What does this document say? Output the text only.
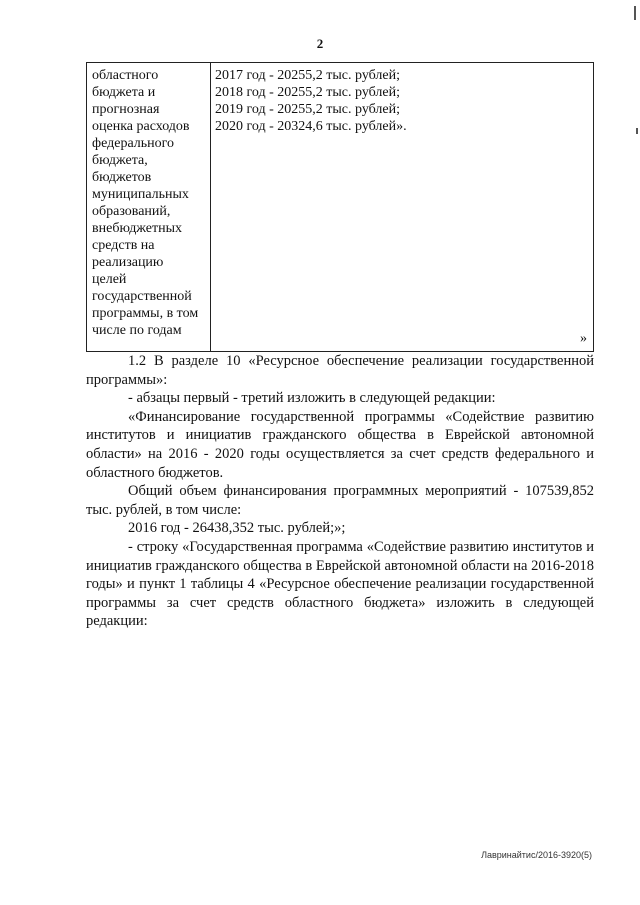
2
областного
бюджета и
прогнозная
оценка расходов
федерального
бюджета,
бюджетов
муниципальных
образований,
внебюджетных
средств на
реализацию
целей
государственной
программы, в том
числе по годам
2017 год - 20255,2 тыс. рублей;
2018 год - 20255,2 тыс. рублей;
2019 год - 20255,2 тыс. рублей;
2020 год - 20324,6 тыс. рублей».
»
1.2 В разделе 10 «Ресурсное обеспечение реализации государственной программы»:
- абзацы первый - третий изложить в следующей редакции:
«Финансирование государственной программы «Содействие развитию институтов и инициатив гражданского общества в Еврейской автономной области» на 2016 - 2020 годы осуществляется за счет средств федерального и областного бюджетов.
Общий объем финансирования программных мероприятий - 107539,852 тыс. рублей, в том числе:
2016 год - 26438,352 тыс. рублей;»;
- строку «Государственная программа «Содействие развитию институтов и инициатив гражданского общества в Еврейской автономной области на 2016-2018 годы» и пункт 1 таблицы 4 «Ресурсное обеспечение реализации государственной программы за счет средств областного бюджета» изложить в следующей редакции:
Лавринайтис/2016-3920(5)
